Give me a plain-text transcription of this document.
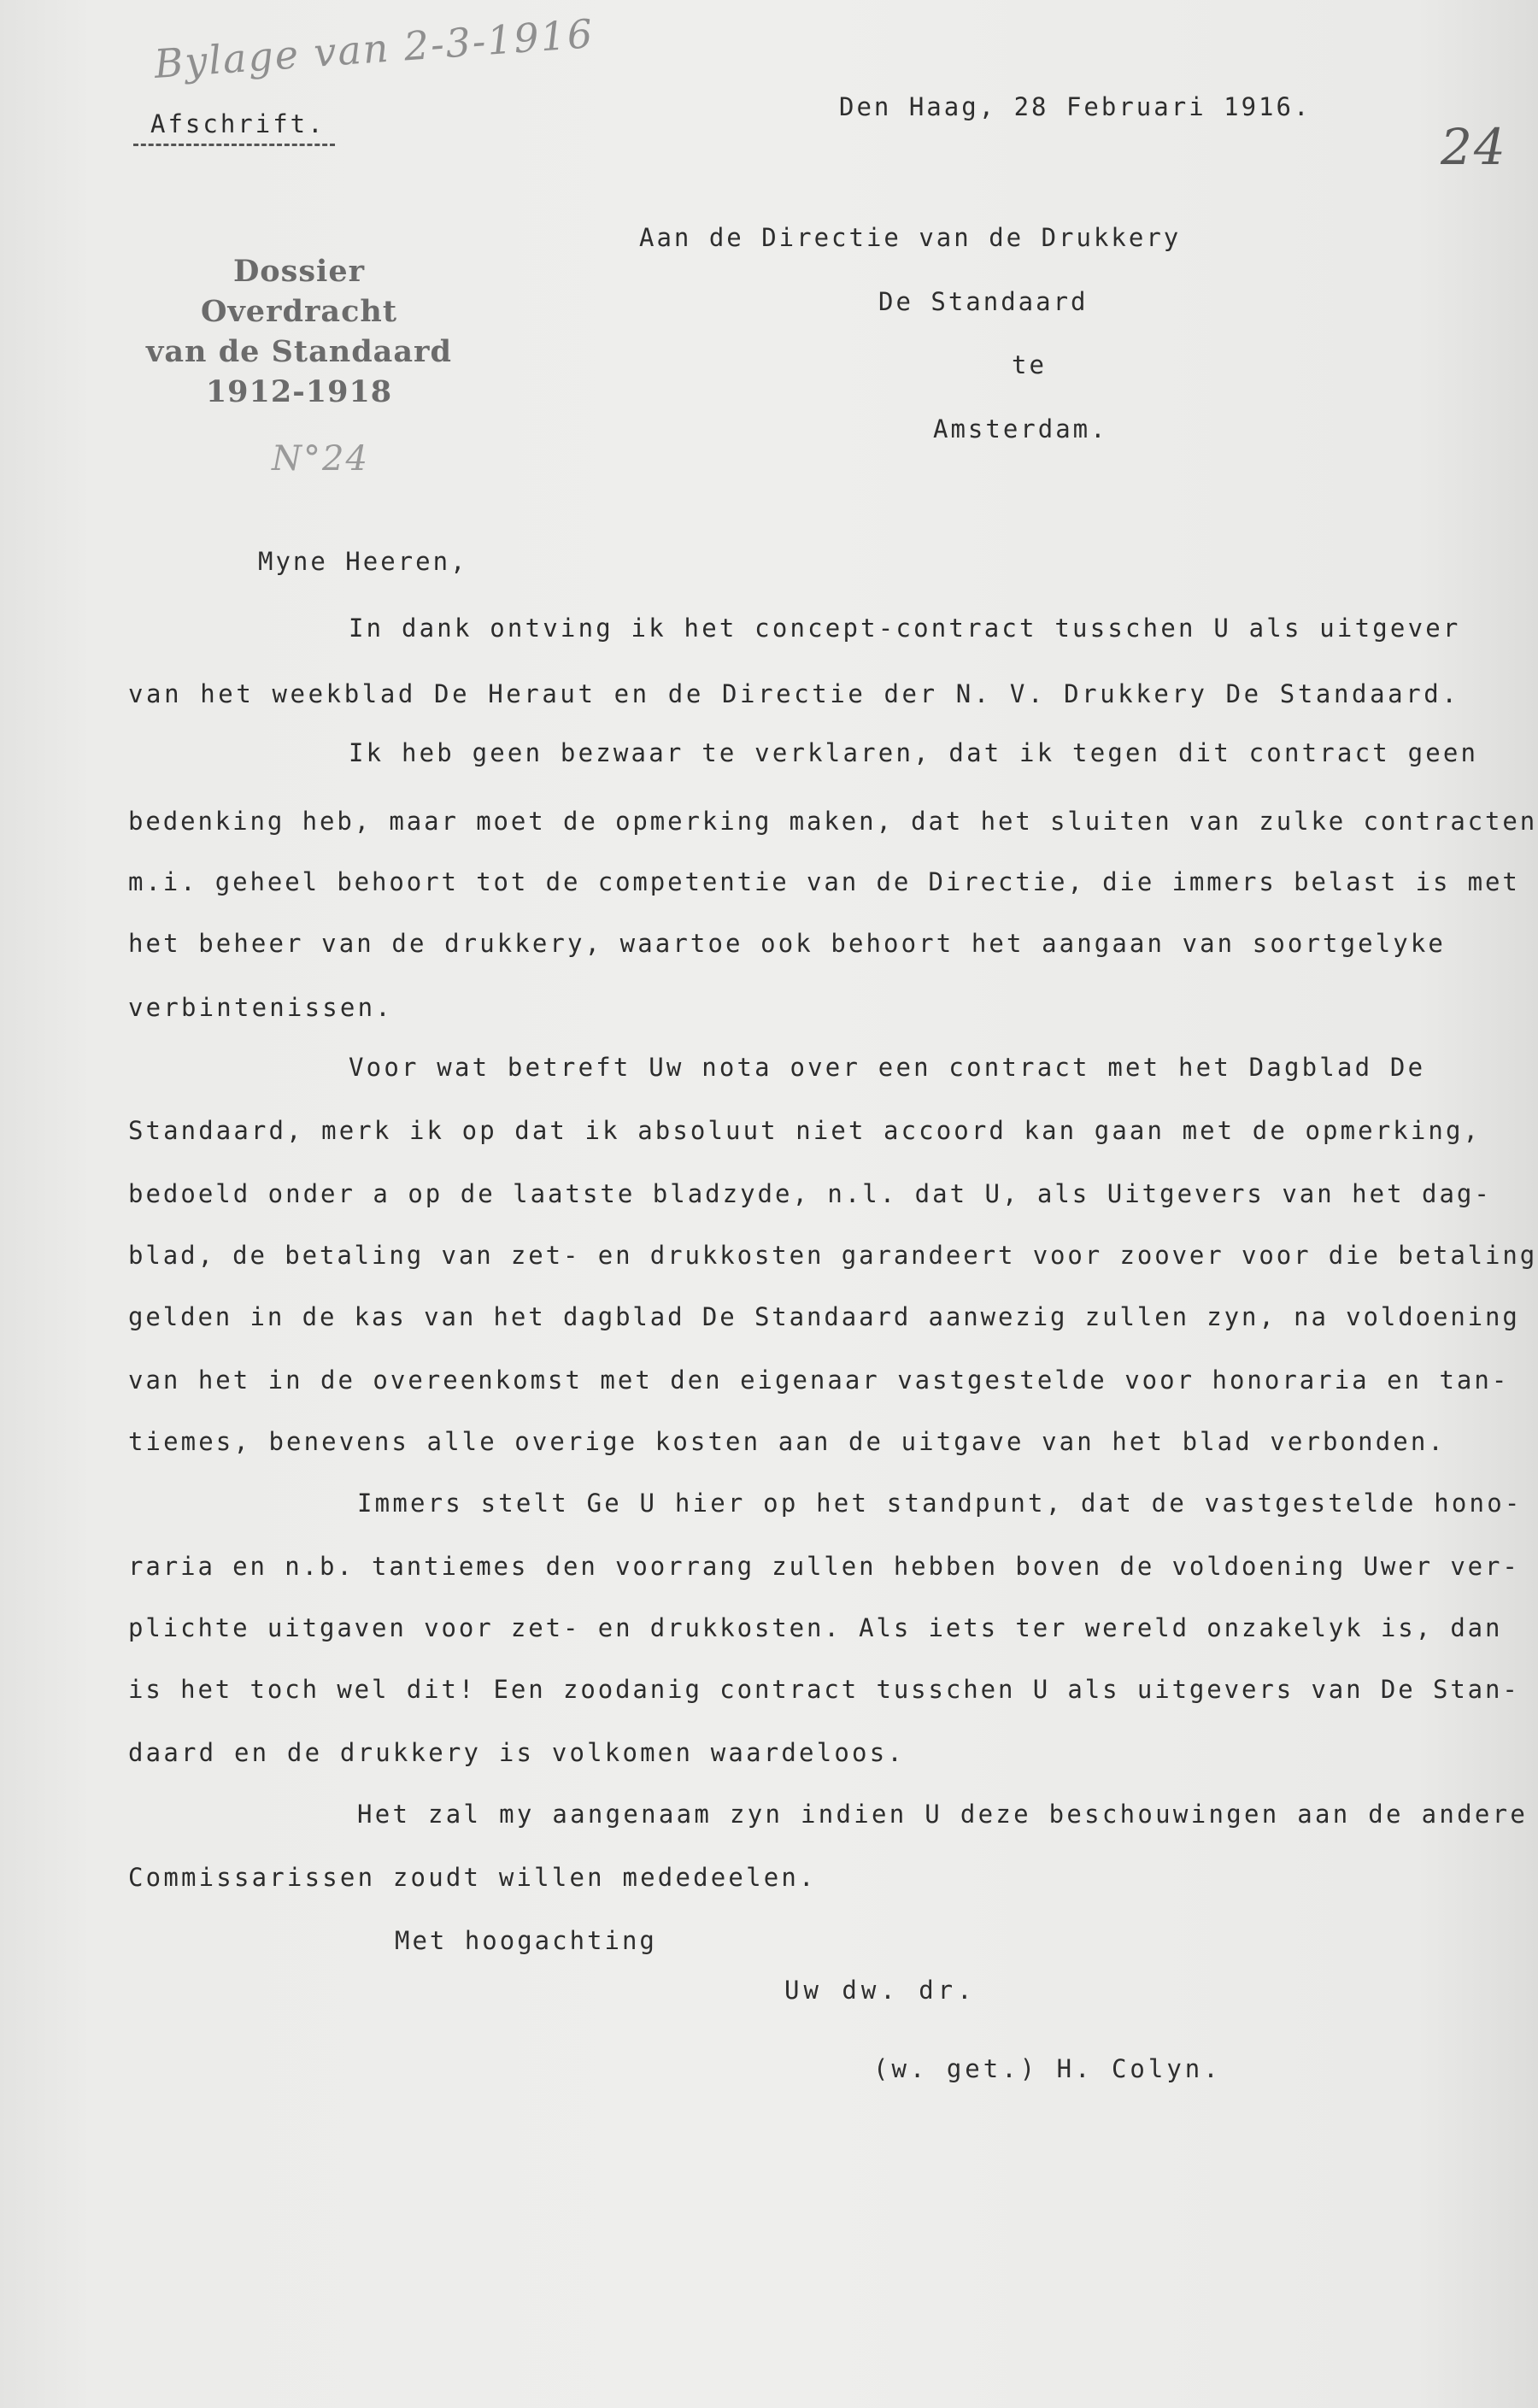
Bylage van 2-3-1916
24
Afschrift.
Den Haag, 28 Februari 1916.
Dossier
Overdracht
van de Standaard
1912-1918
N°24
Aan de Directie van de Drukkery
De Standaard
te
Amsterdam.
Myne Heeren,
In dank ontving ik het concept-contract tusschen U als uitgever
van het weekblad De Heraut en de Directie der N. V. Drukkery De Standaard.
Ik heb geen bezwaar te verklaren, dat ik tegen dit contract geen
bedenking heb, maar moet de opmerking maken, dat het sluiten van zulke contracten
m.i. geheel behoort tot de competentie van de Directie, die immers belast is met
het beheer van de drukkery, waartoe ook behoort het aangaan van soortgelyke
verbintenissen.
Voor wat betreft Uw nota over een contract met het Dagblad De
Standaard, merk ik op dat ik absoluut niet accoord kan gaan met de opmerking,
bedoeld onder a op de laatste bladzyde, n.l. dat U, als Uitgevers van het dag-
blad, de betaling van zet- en drukkosten garandeert voor zoover voor die betaling
gelden in de kas van het dagblad De Standaard aanwezig zullen zyn, na voldoening
van het in de overeenkomst met den eigenaar vastgestelde voor honoraria en tan-
tiemes, benevens alle overige kosten aan de uitgave van het blad verbonden.
Immers stelt Ge U hier op het standpunt, dat de vastgestelde hono-
raria en n.b. tantiemes den voorrang zullen hebben boven de voldoening Uwer ver-
plichte uitgaven voor zet- en drukkosten. Als iets ter wereld onzakelyk is, dan
is het toch wel dit! Een zoodanig contract tusschen U als uitgevers van De Stan-
daard en de drukkery is volkomen waardeloos.
Het zal my aangenaam zyn indien U deze beschouwingen aan de andere
Commissarissen zoudt willen mededeelen.
Met hoogachting
Uw dw. dr.
(w. get.) H. Colyn.
